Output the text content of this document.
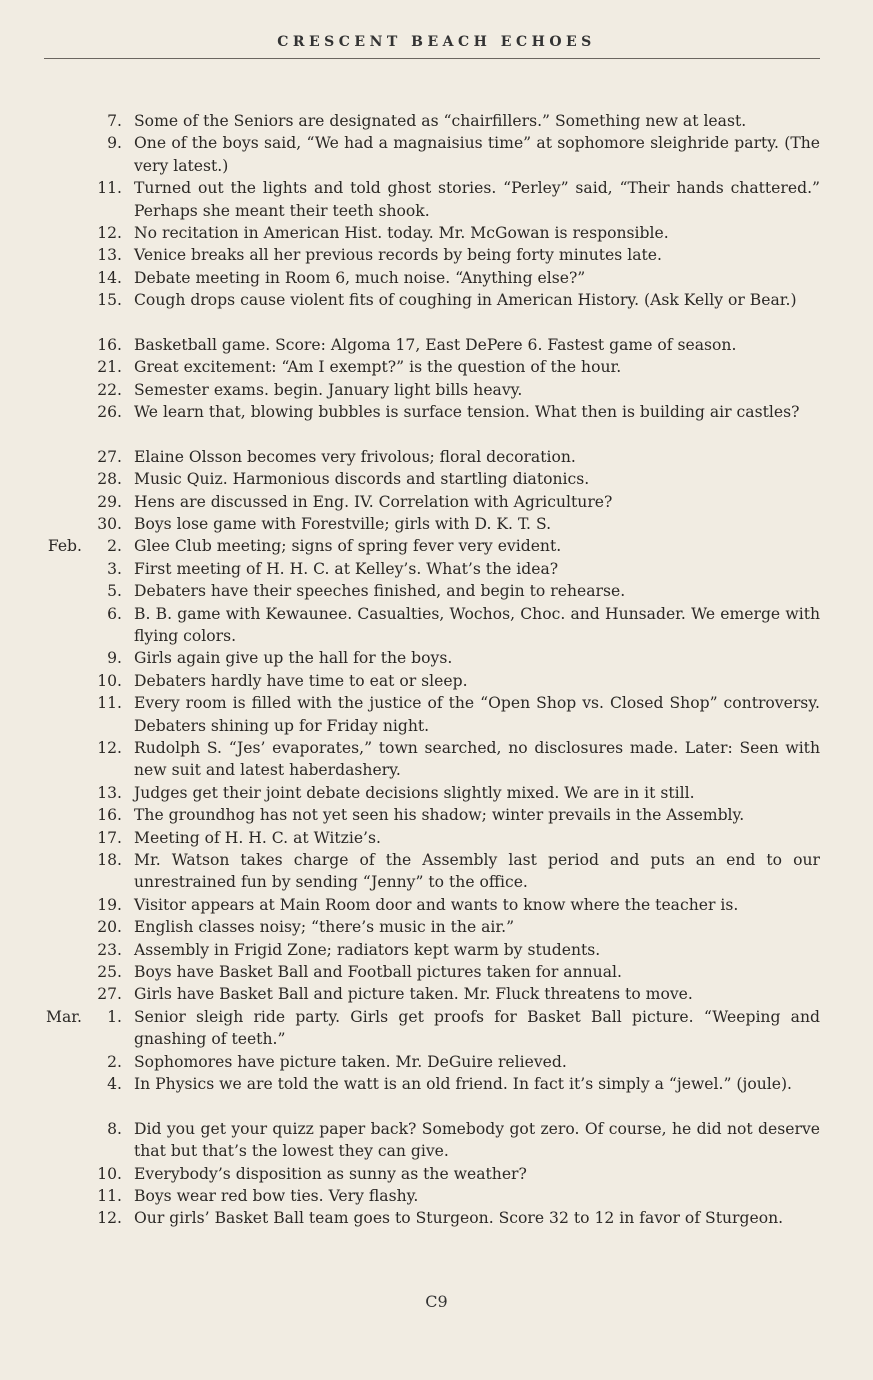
CRESCENT BEACH ECHOES
7. Some of the Seniors are designated as “chairfillers.” Something new at least.
9. One of the boys said, “We had a magnaisius time” at sophomore sleighride party. (The very latest.)
11. Turned out the lights and told ghost stories. “Perley” said, “Their hands chattered.” Perhaps she meant their teeth shook.
12. No recitation in American Hist. today. Mr. McGowan is responsible.
13. Venice breaks all her previous records by being forty minutes late.
14. Debate meeting in Room 6, much noise. “Anything else?”
15. Cough drops cause violent fits of coughing in American History. (Ask Kelly or Bear.)
16. Basketball game. Score: Algoma 17, East DePere 6. Fastest game of season.
21. Great excitement: “Am I exempt?” is the question of the hour.
22. Semester exams. begin. January light bills heavy.
26. We learn that, blowing bubbles is surface tension. What then is building air castles?
27. Elaine Olsson becomes very frivolous; floral decoration.
28. Music Quiz. Harmonious discords and startling diatonics.
29. Hens are discussed in Eng. IV. Correlation with Agriculture?
30. Boys lose game with Forestville; girls with D. K. T. S.
Feb. 2. Glee Club meeting; signs of spring fever very evident.
3. First meeting of H. H. C. at Kelley’s. What’s the idea?
5. Debaters have their speeches finished, and begin to rehearse.
6. B. B. game with Kewaunee. Casualties, Wochos, Choc. and Hunsader. We emerge with flying colors.
9. Girls again give up the hall for the boys.
10. Debaters hardly have time to eat or sleep.
11. Every room is filled with the justice of the “Open Shop vs. Closed Shop” controversy. Debaters shining up for Friday night.
12. Rudolph S. “Jes’ evaporates,” town searched, no disclosures made. Later: Seen with new suit and latest haberdashery.
13. Judges get their joint debate decisions slightly mixed. We are in it still.
16. The groundhog has not yet seen his shadow; winter prevails in the Assembly.
17. Meeting of H. H. C. at Witzie’s.
18. Mr. Watson takes charge of the Assembly last period and puts an end to our unrestrained fun by sending “Jenny” to the office.
19. Visitor appears at Main Room door and wants to know where the teacher is.
20. English classes noisy; “there’s music in the air.”
23. Assembly in Frigid Zone; radiators kept warm by students.
25. Boys have Basket Ball and Football pictures taken for annual.
27. Girls have Basket Ball and picture taken. Mr. Fluck threatens to move.
Mar. 1. Senior sleigh ride party. Girls get proofs for Basket Ball picture. “Weeping and gnashing of teeth.”
2. Sophomores have picture taken. Mr. DeGuire relieved.
4. In Physics we are told the watt is an old friend. In fact it’s simply a “jewel.” (joule).
8. Did you get your quizz paper back? Somebody got zero. Of course, he did not deserve that but that’s the lowest they can give.
10. Everybody’s disposition as sunny as the weather?
11. Boys wear red bow ties. Very flashy.
12. Our girls’ Basket Ball team goes to Sturgeon. Score 32 to 12 in favor of Sturgeon.
C9
